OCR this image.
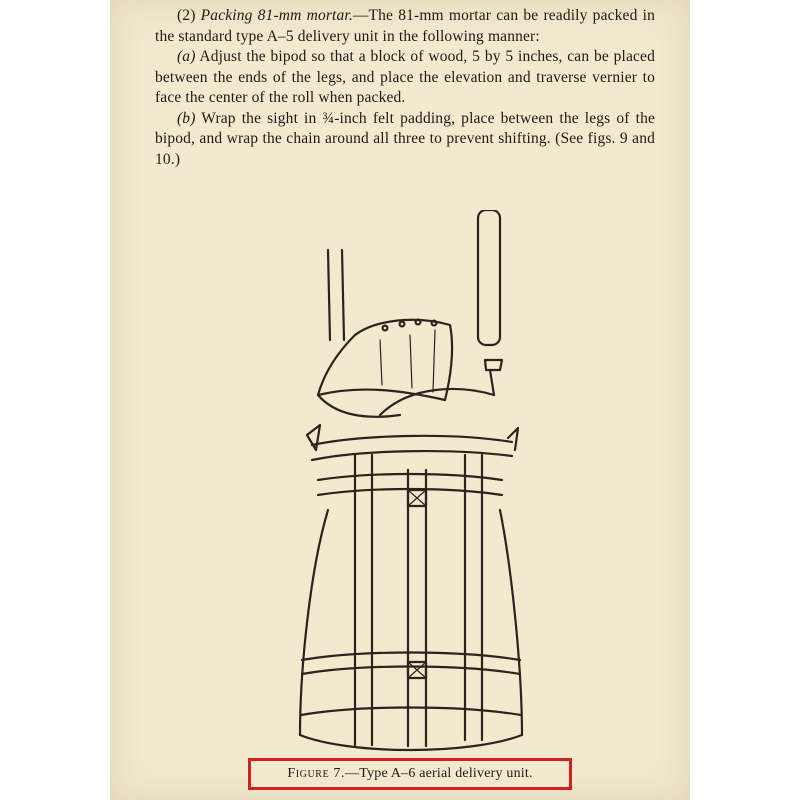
(2) Packing 81-mm mortar.—The 81-mm mortar can be readily packed in the standard type A–5 delivery unit in the following manner:

(a) Adjust the bipod so that a block of wood, 5 by 5 inches, can be placed between the ends of the legs, and place the elevation and traverse vernier to face the center of the roll when packed.

(b) Wrap the sight in ¾-inch felt padding, place between the legs of the bipod, and wrap the chain around all three to prevent shifting. (See figs. 9 and 10.)

Figure 7.—Type A–6 aerial delivery unit.
